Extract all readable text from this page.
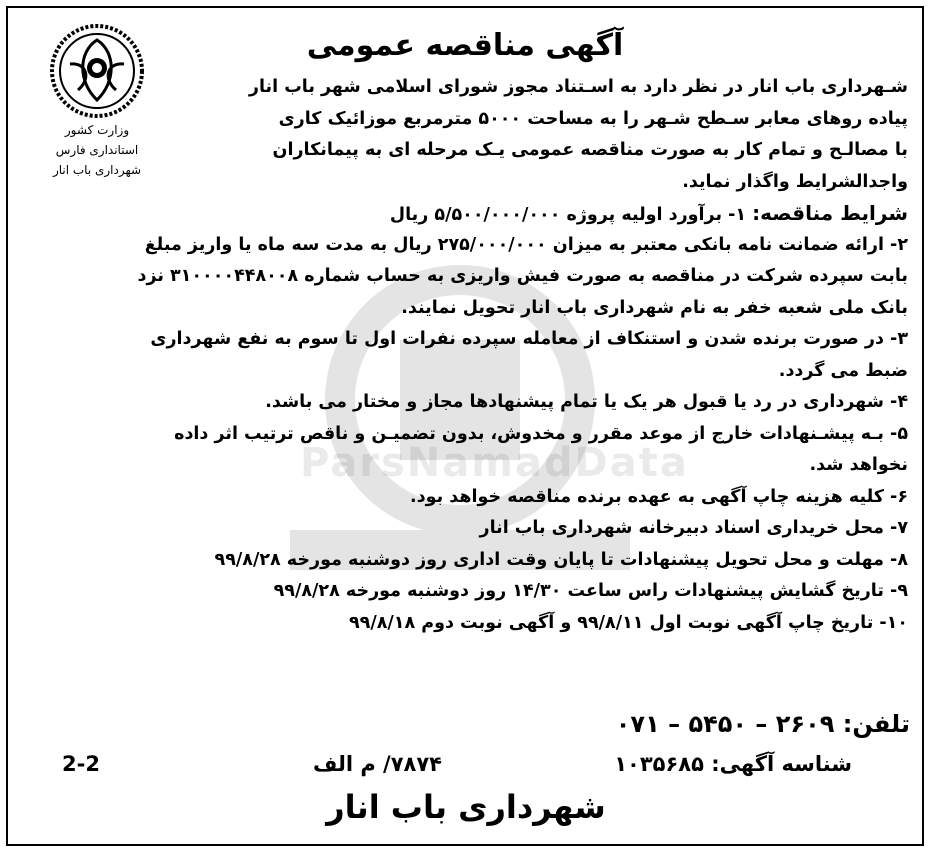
ParsNamadData
وزارت کشور
استانداری فارس
شهرداری باب انار
آگهی مناقصه عمومی
شـهرداری باب انار در نظر دارد به اسـتناد مجوز شورای اسلامی شهر باب انار
پیاده روهای معابر سـطح شـهر را به مساحت ۵۰۰۰ مترمربع موزائیک کاری
با مصالـح و تمام کار به صورت مناقصه عمومی یـک مرحله ای به پیمانکاران
واجدالشرایط واگذار نماید.
شرایط مناقصه: ۱- برآورد اولیه پروژه ۵/۵۰۰/۰۰۰/۰۰۰ ریال
۲- ارائه ضمانت نامه بانکی معتبر به میزان ۲۷۵/۰۰۰/۰۰۰ ریال به مدت سه ماه یا واریز مبلغ
بابت سپرده شرکت در مناقصه به صورت فیش واریزی به حساب شماره ۳۱۰۰۰۰۴۴۸۰۰۸ نزد
بانک ملی شعبه خفر به نام شهرداری باب انار تحویل نمایند.
۳- در صورت برنده شدن و استنکاف از معامله سپرده نفرات اول تا سوم به نفع شهرداری
ضبط می گردد.
۴- شهرداری در رد یا قبول هر یک یا تمام پیشنهادها مجاز و مختار می باشد.
۵- بـه پیشـنهادات خارج از موعد مقرر و مخدوش، بدون تضمیـن و ناقص ترتیب اثر داده
نخواهد شد.
۶- کلیه هزینه چاپ آگهی به عهده برنده مناقصه خواهد بود.
۷- محل خریداری اسناد دبیرخانه شهرداری باب انار
۸- مهلت و محل تحویل پیشنهادات تا پایان وقت اداری روز دوشنبه مورخه ۹۹/۸/۲۸
۹- تاریخ گشایش پیشنهادات راس ساعت ۱۴/۳۰ روز دوشنبه مورخه ۹۹/۸/۲۸
۱۰- تاریخ چاپ آگهی نوبت اول ۹۹/۸/۱۱ و آگهی نوبت دوم ۹۹/۸/۱۸
تلفن: ۲۶۰۹ – ۵۴۵۰ – ۰۷۱
شناسه آگهی: ۱۰۳۵۶۸۵
۷۸۷۴/ م الف
2-2
شهرداری باب انار
